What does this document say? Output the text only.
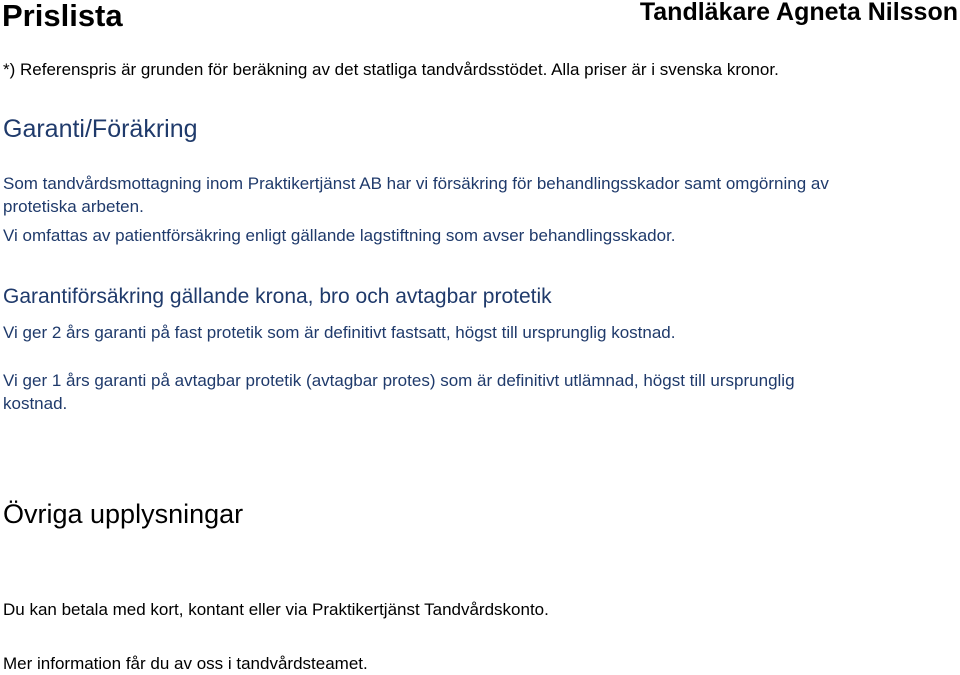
Prislista	Tandläkare Agneta Nilsson
*) Referenspris är grunden för beräkning av det statliga tandvårdsstödet. Alla priser är i svenska kronor.
Garanti/Föräkring
Som tandvårdsmottagning inom Praktikertjänst AB har vi försäkring för behandlingsskador samt omgörning av
protetiska arbeten.
Vi omfattas av patientförsäkring enligt gällande lagstiftning som avser behandlingsskador.
Garantiförsäkring gällande krona, bro och avtagbar protetik
Vi ger 2 års garanti på fast protetik som är definitivt fastsatt, högst till ursprunglig kostnad.
Vi ger 1 års garanti på avtagbar protetik (avtagbar protes) som är definitivt utlämnad, högst till ursprunglig
kostnad.
Övriga upplysningar
Du kan betala med kort, kontant eller via Praktikertjänst Tandvårdskonto.
Mer information får du av oss i tandvårdsteamet.
